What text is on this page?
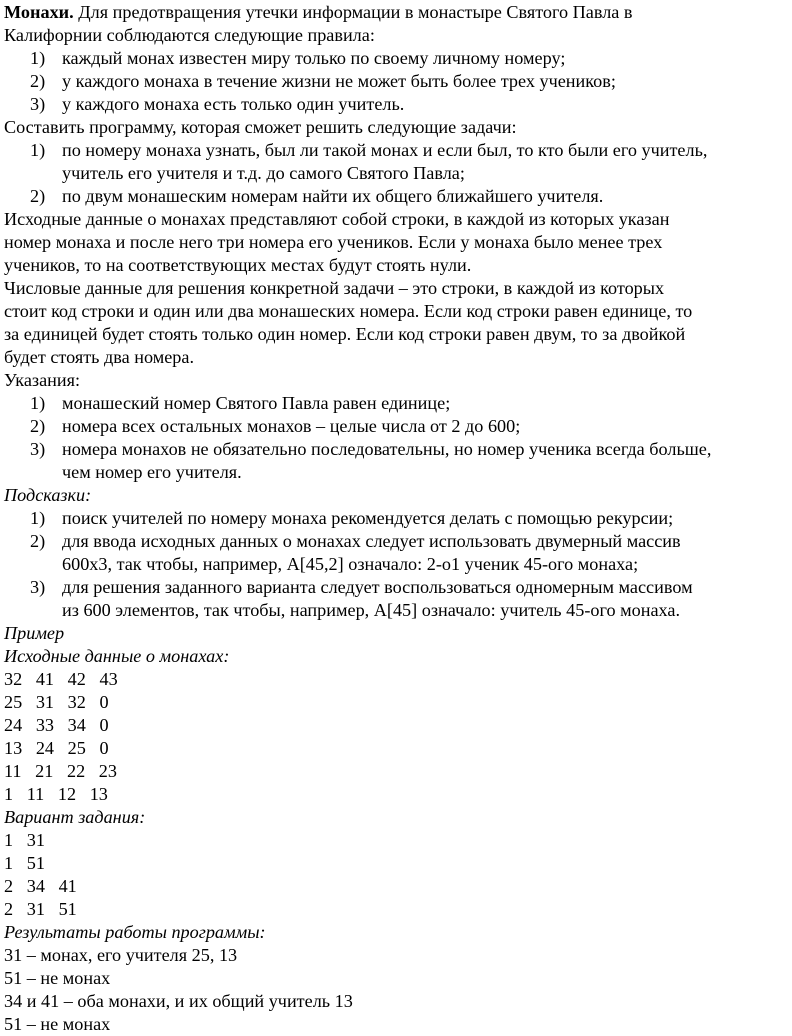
Монахи. Для предотвращения утечки информации в монастыре Святого Павла в
Калифорнии соблюдаются следующие правила:
1) каждый монах известен миру только по своему личному номеру;
2) у каждого монаха в течение жизни не может быть более трех учеников;
3) у каждого монаха есть только один учитель.
Составить программу, которая сможет решить следующие задачи:
1) по номеру монаха узнать, был ли такой монах и если был, то кто были его учитель,
учитель его учителя и т.д. до самого Святого Павла;
2) по двум монашеским номерам найти их общего ближайшего учителя.
Исходные данные о монахах представляют собой строки, в каждой из которых указан
номер монаха и после него три номера его учеников. Если у монаха было менее трех
учеников, то на соответствующих местах будут стоять нули.
Числовые данные для решения конкретной задачи – это строки, в каждой из которых
стоит код строки и один или два монашеских номера. Если код строки равен единице, то
за единицей будет стоять только один номер. Если код строки равен двум, то за двойкой
будет стоять два номера.
Указания:
1) монашеский номер Святого Павла равен единице;
2) номера всех остальных монахов – целые числа от 2 до 600;
3) номера монахов не обязательно последовательны, но номер ученика всегда больше,
чем номер его учителя.
Подсказки:
1) поиск учителей по номеру монаха рекомендуется делать с помощью рекурсии;
2) для ввода исходных данных о монахах следует использовать двумерный массив
600x3, так чтобы, например, A[45,2] означало: 2-о1 ученик 45-ого монаха;
3) для решения заданного варианта следует воспользоваться одномерным массивом
из 600 элементов, так чтобы, например, A[45] означало: учитель 45-ого монаха.
Пример
Исходные данные о монахах:
32   41   42   43
25   31   32   0
24   33   34   0
13   24   25   0
11   21   22   23
1   11   12   13
Вариант задания:
1   31
1   51
2   34   41
2   31   51
Результаты работы программы:
31 – монах, его учителя 25, 13
51 – не монах
34 и 41 – оба монахи, и их общий учитель 13
51 – не монах
